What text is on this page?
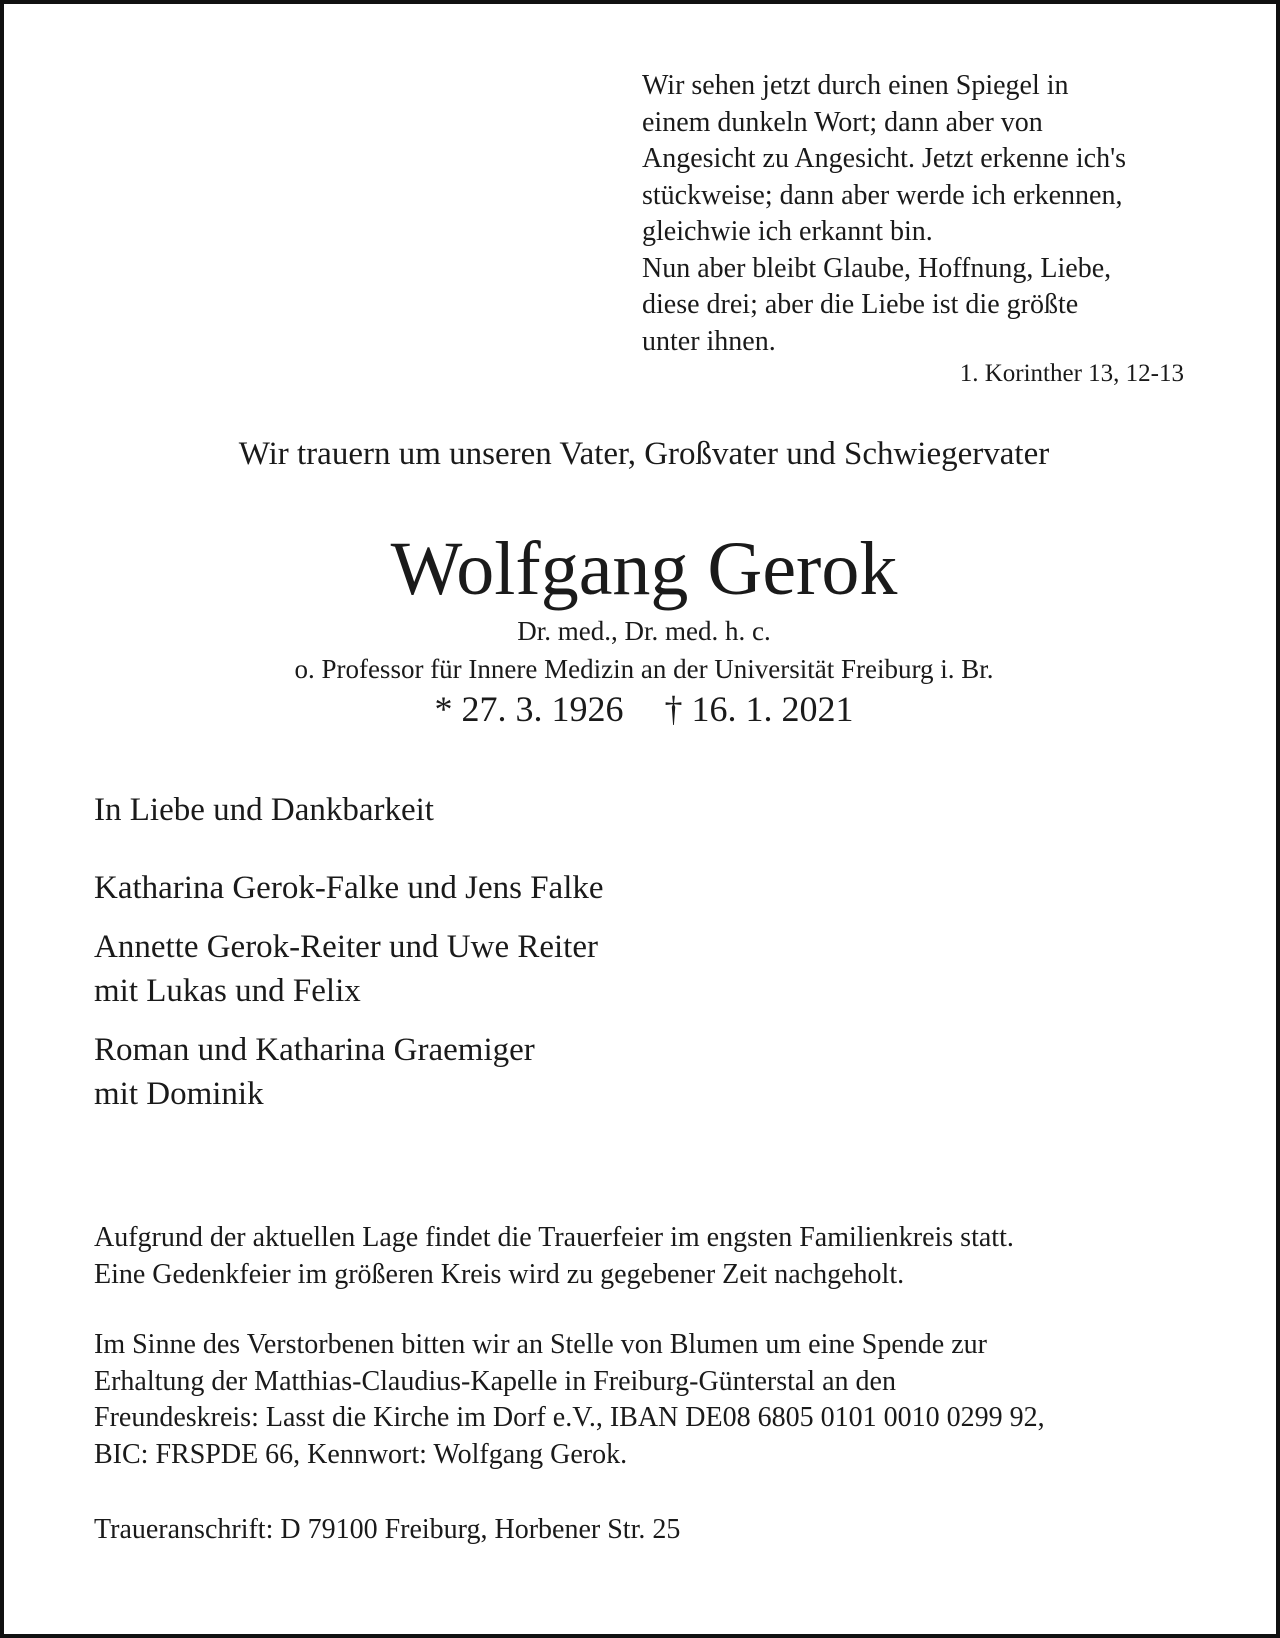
Wir sehen jetzt durch einen Spiegel in
einem dunkeln Wort; dann aber von
Angesicht zu Angesicht. Jetzt erkenne ich's
stückweise; dann aber werde ich erkennen,
gleichwie ich erkannt bin.
Nun aber bleibt Glaube, Hoffnung, Liebe,
diese drei; aber die Liebe ist die größte
unter ihnen.
1. Korinther 13, 12-13
Wir trauern um unseren Vater, Großvater und Schwiegervater
Wolfgang Gerok
Dr. med., Dr. med. h. c.
o. Professor für Innere Medizin an der Universität Freiburg i. Br.
* 27. 3. 1926 † 16. 1. 2021
In Liebe und Dankbarkeit
Katharina Gerok-Falke und Jens Falke
Annette Gerok-Reiter und Uwe Reiter
mit Lukas und Felix
Roman und Katharina Graemiger
mit Dominik
Aufgrund der aktuellen Lage findet die Trauerfeier im engsten Familienkreis statt.
Eine Gedenkfeier im größeren Kreis wird zu gegebener Zeit nachgeholt.
Im Sinne des Verstorbenen bitten wir an Stelle von Blumen um eine Spende zur
Erhaltung der Matthias-Claudius-Kapelle in Freiburg-Günterstal an den
Freundeskreis: Lasst die Kirche im Dorf e.V., IBAN DE08 6805 0101 0010 0299 92,
BIC: FRSPDE 66, Kennwort: Wolfgang Gerok.
Traueranschrift: D 79100 Freiburg, Horbener Str. 25
